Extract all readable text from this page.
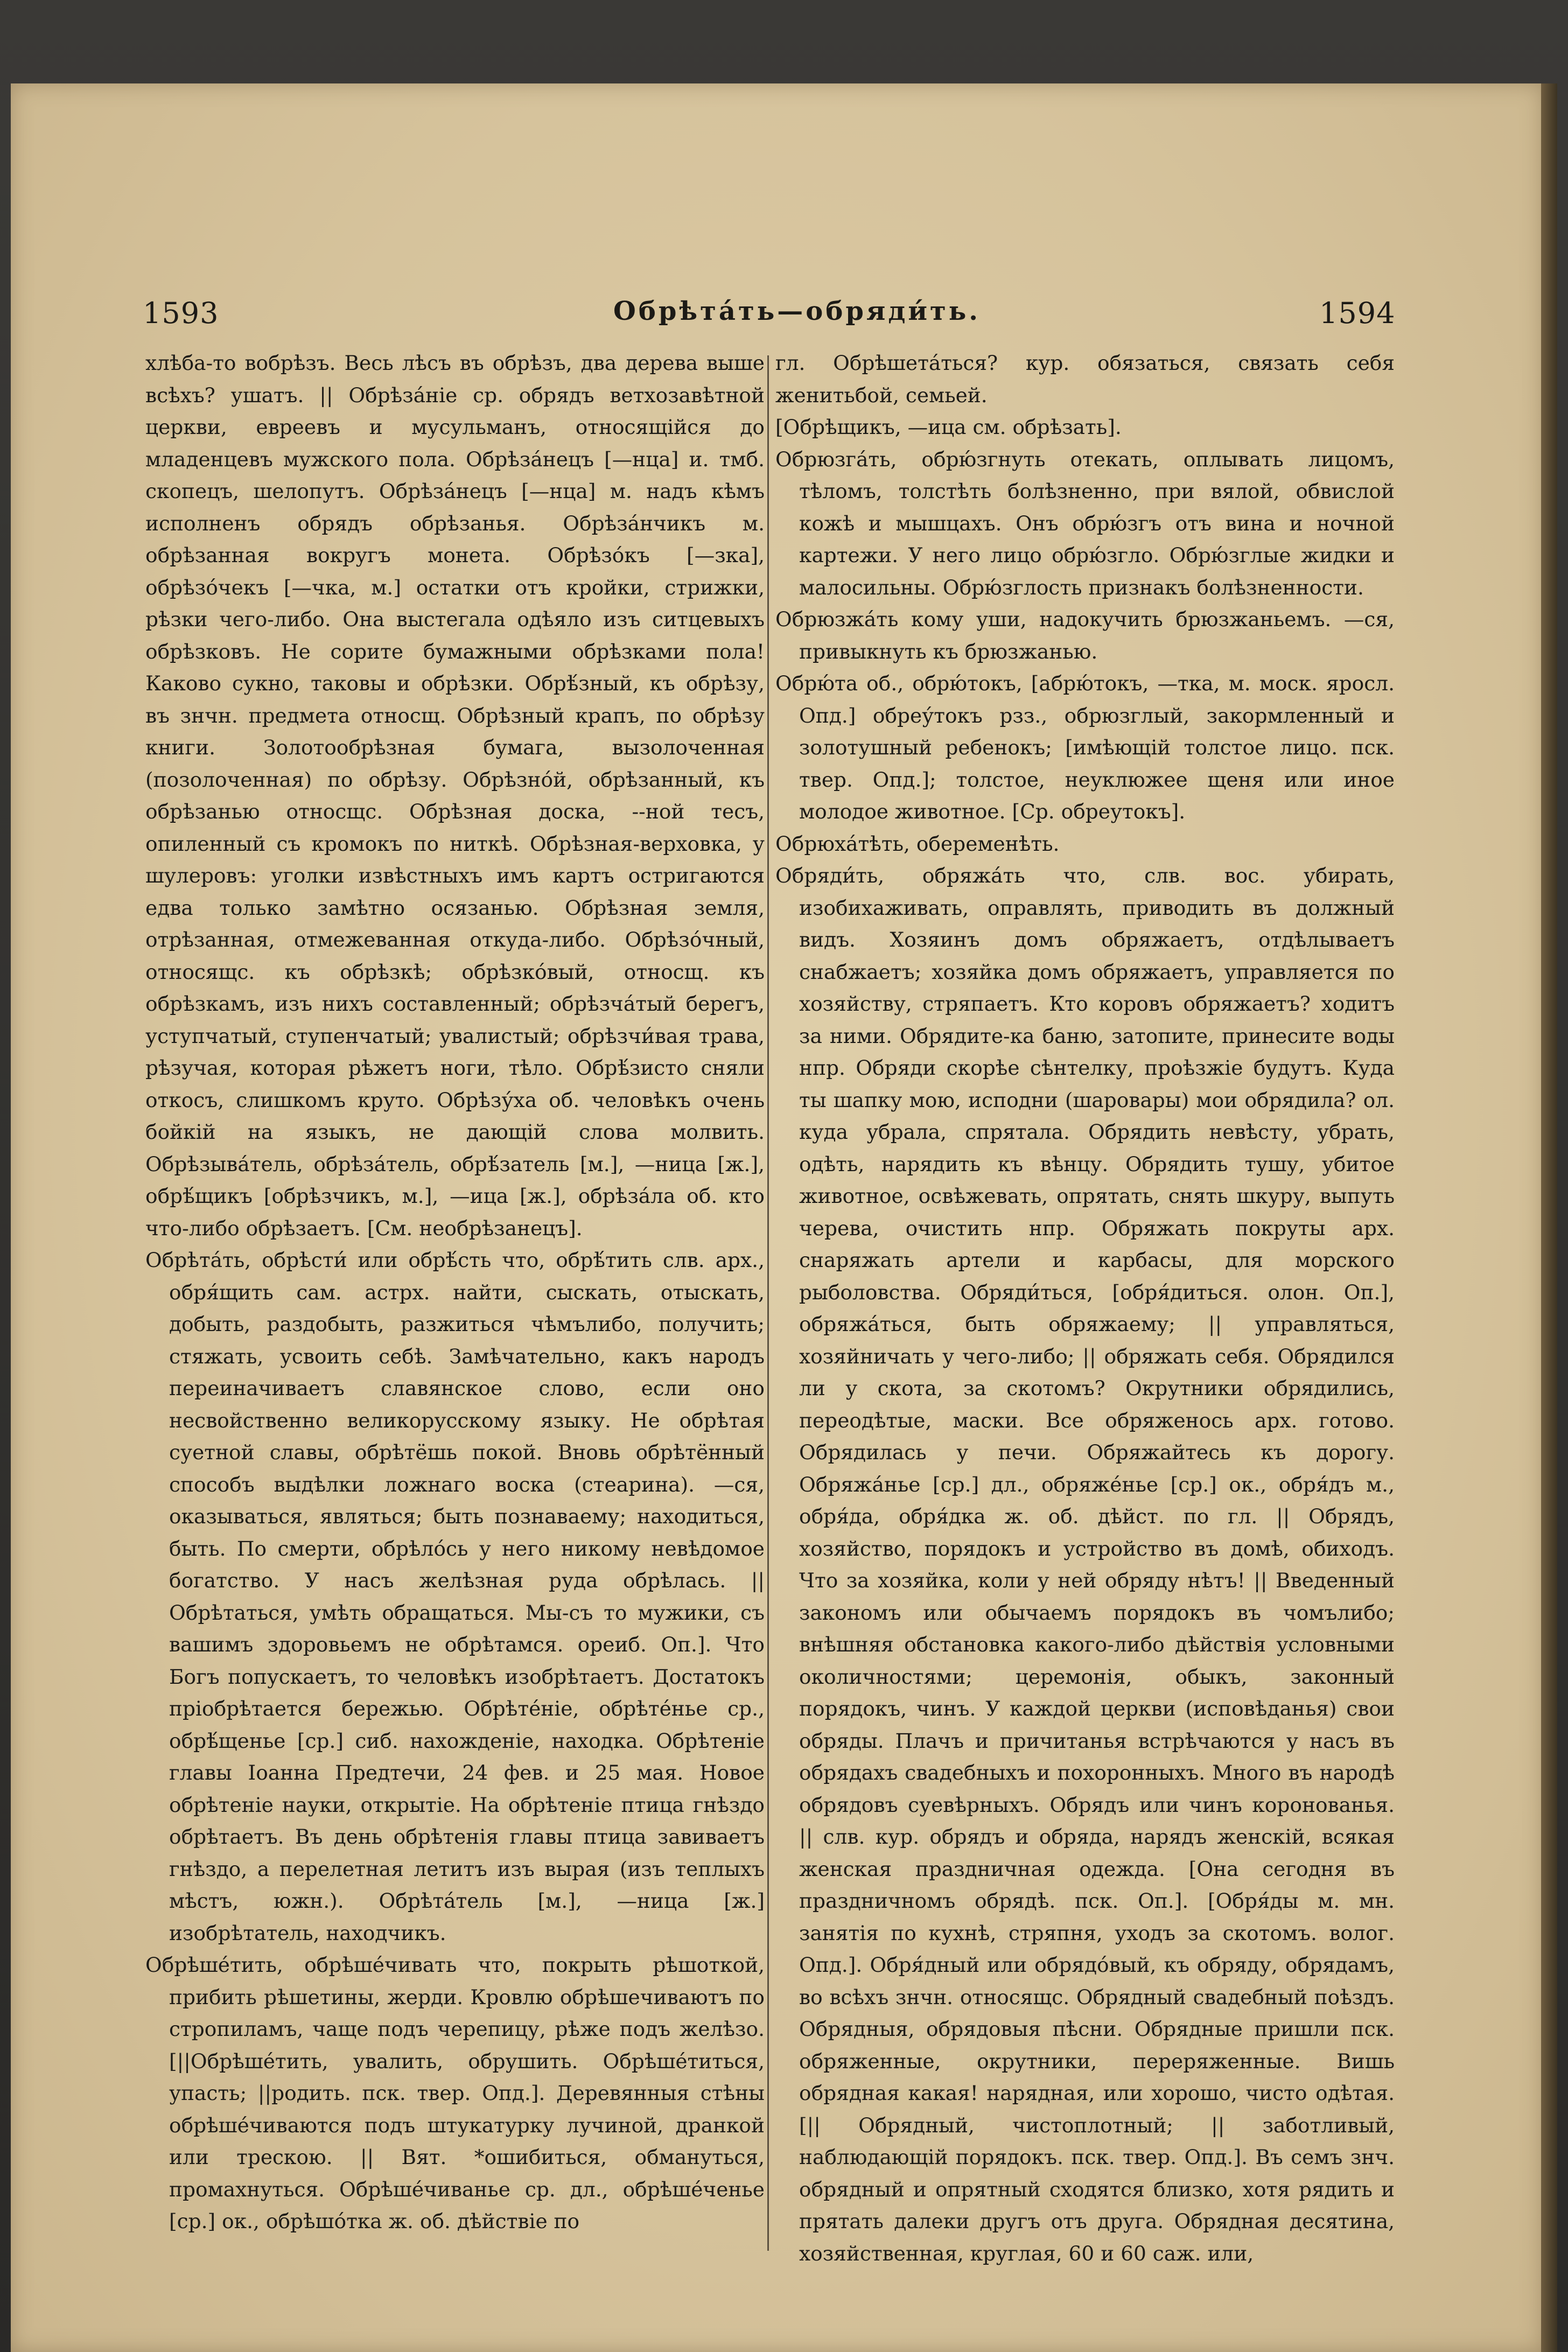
1593	Обрѣта́ть—обряди́ть.	1594

хлѣба-то вобрѣзъ. Весь лѣсъ въ обрѣзъ, два дерева выше всѣхъ? ушатъ. || Обрѣза́нiе ср. обрядъ ветхозавѣтной церкви, евреевъ и мусульманъ, относящiйся до младенцевъ мужского пола. Обрѣза́нецъ [—нца] и. тмб. скопецъ, шелопутъ. Обрѣза́нецъ [—нца] м. надъ кѣмъ исполненъ обрядъ обрѣзанья. Обрѣза́нчикъ м. обрѣзанная вокругъ монета. Обрѣзо́къ [—зка], обрѣзо́чекъ [—чка, м.] остатки отъ кройки, стрижки, рѣзки чего-либо. Она выстегала одѣяло изъ ситцевыхъ обрѣзковъ. Не сорите бумажными обрѣзками пола! Каково сукно, таковы и обрѣзки. Обрѣ́зный, къ обрѣзу, въ знчн. предмета относщ. Обрѣзный крапъ, по обрѣзу книги. Золотообрѣзная бумага, вызолоченная (позолоченная) по обрѣзу. Обрѣзно́й, обрѣзанный, къ обрѣзанью относщс. Обрѣзная доска, --ной тесъ, опиленный съ кромокъ по ниткѣ. Обрѣзная-верховка, у шулеровъ: уголки извѣстныхъ имъ картъ остригаются едва только замѣтно осязанью. Обрѣзная земля, отрѣзанная, отмежеванная откуда-либо. Обрѣзо́чный, относящс. къ обрѣзкѣ; обрѣзко́вый, относщ. къ обрѣзкамъ, изъ нихъ составленный; обрѣзча́тый берегъ, уступчатый, ступенчатый; увалистый; обрѣзчи́вая трава, рѣзучая, которая рѣжетъ ноги, тѣло. Обрѣ́зисто сняли откосъ, слишкомъ круто. Обрѣзу́ха об. человѣкъ очень бойкiй на языкъ, не дающiй слова молвить. Обрѣзыва́тель, обрѣза́тель, обрѣ́затель [м.], —ница [ж.], обрѣ́щикъ [обрѣзчикъ, м.], —ица [ж.], обрѣза́ла об. кто что-либо обрѣзаетъ. [См. необрѣзанецъ].

Обрѣта́ть, обрѣсти́ или обрѣ́сть что, обрѣ́тить слв. арх., обря́щить сам. астрх. найти, сыскать, отыскать, добыть, раздобыть, разжиться чѣмълибо, получить; стяжать, усвоить себѣ. Замѣчательно, какъ народъ переиначиваетъ славянское слово, если оно несвойственно великорусскому языку. Не обрѣтая суетной славы, обрѣтёшь покой. Вновь обрѣтённый способъ выдѣлки ложнаго воска (стеарина). —ся, оказываться, являться; быть познаваему; находиться, быть. По смерти, обрѣло́сь у него никому невѣдомое богатство. У насъ желѣзная руда обрѣлась. || Обрѣтаться, умѣть обращаться. Мы-съ то мужики, съ вашимъ здоровьемъ не обрѣтамся. ореиб. Оп.]. Что Богъ попускаетъ, то человѣкъ изобрѣтаетъ. Достатокъ прiобрѣтается бережью. Обрѣте́нiе, обрѣте́нье ср., обрѣ́щенье [ср.] сиб. нахожденiе, находка. Обрѣтенiе главы Iоанна Предтечи, 24 фев. и 25 мая. Новое обрѣтенiе науки, открытiе. На обрѣтенiе птица гнѣздо обрѣтаетъ. Въ день обрѣтенiя главы птица завиваетъ гнѣздо, а перелетная летитъ изъ вырая (изъ теплыхъ мѣстъ, южн.). Обрѣта́тель [м.], —ница [ж.] изобрѣтатель, находчикъ.

Обрѣше́тить, обрѣше́чивать что, покрыть рѣшоткой, прибить рѣшетины, жерди. Кровлю обрѣшечиваютъ по стропиламъ, чаще подъ черепицу, рѣже подъ желѣзо. [||Обрѣше́тить, увалить, обрушить. Обрѣше́титься, упасть; ||родить. пск. твер. Опд.]. Деревянныя стѣны обрѣше́чиваются подъ штукатурку лучиной, дранкой или трескою. || Вят. *ошибиться, обмануться, промахнуться. Обрѣше́чиванье ср. дл., обрѣше́ченье [ср.] ок., обрѣшо́тка ж. об. дѣйствiе по

гл. Обрѣшета́ться? кур. обязаться, связать себя женитьбой, семьей.

[Обрѣщикъ, —ица см. обрѣзать].

Обрюзга́ть, обрю́згнуть отекать, оплывать лицомъ, тѣломъ, толстѣть болѣзненно, при вялой, обвислой кожѣ и мышцахъ. Онъ обрю́згъ отъ вина и ночной картежи. У него лицо обрю́згло. Обрю́зглые жидки и малосильны. Обрю́зглость признакъ болѣзненности.

Обрюзжа́ть кому уши, надокучить брюзжаньемъ. —ся, привыкнуть къ брюзжанью.

Обрю́та об., обрю́токъ, [абрю́токъ, —тка, м. моск. яросл. Опд.] обреу́токъ рзз., обрюзглый, закормленный и золотушный ребенокъ; [имѣющiй толстое лицо. пск. твер. Опд.]; толстое, неуклюжее щеня или иное молодое животное. [Ср. обреутокъ].

Обрюха́тѣть, обеременѣть.

Обряди́ть, обряжа́ть что, слв. вос. убирать, изобихаживать, оправлять, приводить въ должный видъ. Хозяинъ домъ обряжаетъ, отдѣлываетъ снабжаетъ; хозяйка домъ обряжаетъ, управляется по хозяйству, стряпаетъ. Кто коровъ обряжаетъ? ходитъ за ними. Обрядите-ка баню, затопите, принесите воды нпр. Обряди скорѣе сѣнтелку, проѣзжiе будутъ. Куда ты шапку мою, исподни (шаровары) мои обрядила? ол. куда убрала, спрятала. Обрядить невѣсту, убрать, одѣть, нарядить къ вѣнцу. Обрядить тушу, убитое животное, освѣжевать, опрятать, снять шкуру, выпуть черева, очистить нпр. Обряжать покруты арх. снаряжать артели и карбасы, для морского рыболовства. Обряди́ться, [обря́диться. олон. Оп.], обряжа́ться, быть обряжаему; || управляться, хозяйничать у чего-либо; || обряжать себя. Обрядился ли у скота, за скотомъ? Окрутники обрядились, переодѣтые, маски. Все обряженось арх. готово. Обрядилась у печи. Обряжайтесь къ дорогу. Обряжа́нье [ср.] дл., обряже́нье [ср.] ок., обря́дъ м., обря́да, обря́дка ж. об. дѣйст. по гл. || Обрядъ, хозяйство, порядокъ и устройство въ домѣ, обиходъ. Что за хозяйка, коли у ней обряду нѣтъ! || Введенный закономъ или обычаемъ порядокъ въ чомълибо; внѣшняя обстановка какого-либо дѣйствiя условными околичностями; церемонiя, обыкъ, законный порядокъ, чинъ. У каждой церкви (исповѣданья) свои обряды. Плачъ и причитанья встрѣчаются у насъ въ обрядахъ свадебныхъ и похоронныхъ. Много въ народѣ обрядовъ суевѣрныхъ. Обрядъ или чинъ коронованья. || слв. кур. обрядъ и обряда, нарядъ женскiй, всякая женская праздничная одежда. [Она сегодня въ праздничномъ обрядѣ. пск. Оп.]. [Обря́ды м. мн. занятiя по кухнѣ, стряпня, уходъ за скотомъ. волог. Опд.]. Обря́дный или обрядо́вый, къ обряду, обрядамъ, во всѣхъ знчн. относящс. Обрядный свадебный поѣздъ. Обрядныя, обрядовыя пѣсни. Обрядные пришли пск. обряженные, окрутники, переряженные. Вишь обрядная какая! нарядная, или хорошо, чисто одѣтая. [|| Обрядный, чистоплотный; || заботливый, наблюдающiй порядокъ. пск. твер. Опд.]. Въ семъ знч. обрядный и опрятный сходятся близко, хотя рядить и прятать далеки другъ отъ друга. Обрядная десятина, хозяйственная, круглая, 60 и 60 саж. или,
